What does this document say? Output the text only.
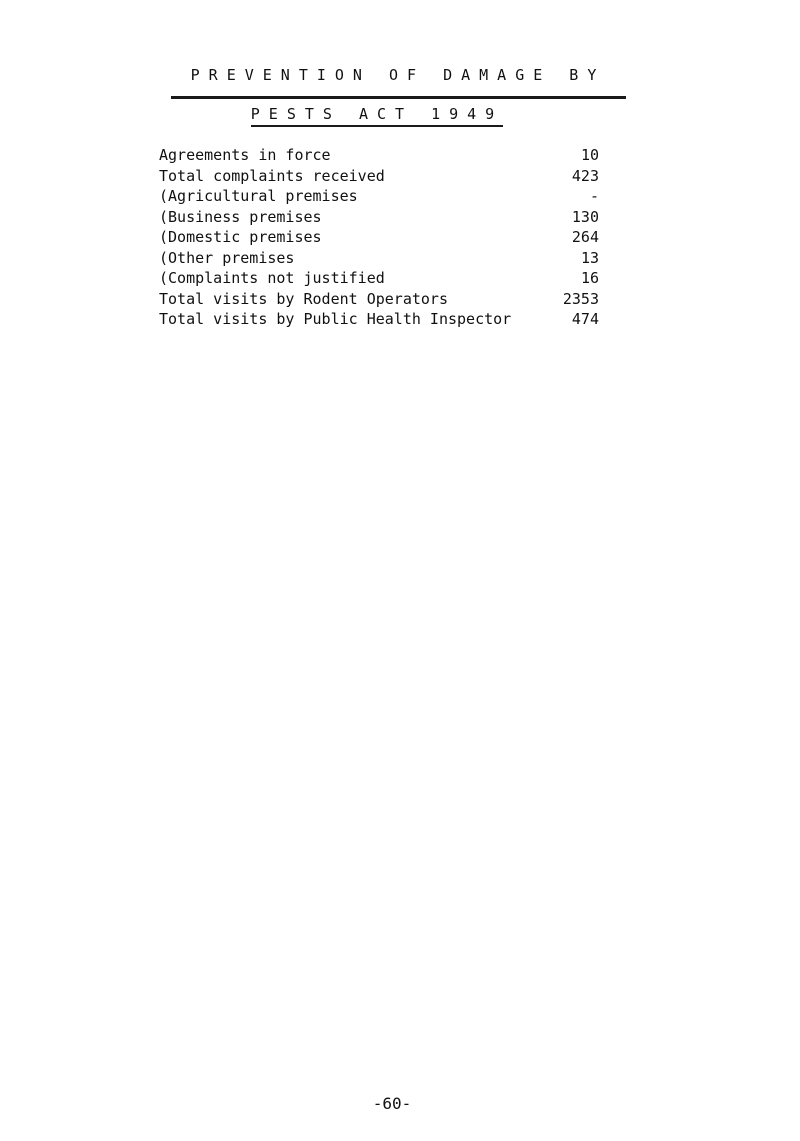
PREVENTION OF DAMAGE BY
PESTS ACT 1949
Agreements in force	10
Total complaints received	423
(Agricultural premises	-
(Business premises	130
(Domestic premises	264
(Other premises	13
(Complaints not justified	16
Total visits by Rodent Operators	2353
Total visits by Public Health Inspector	474
-60-
